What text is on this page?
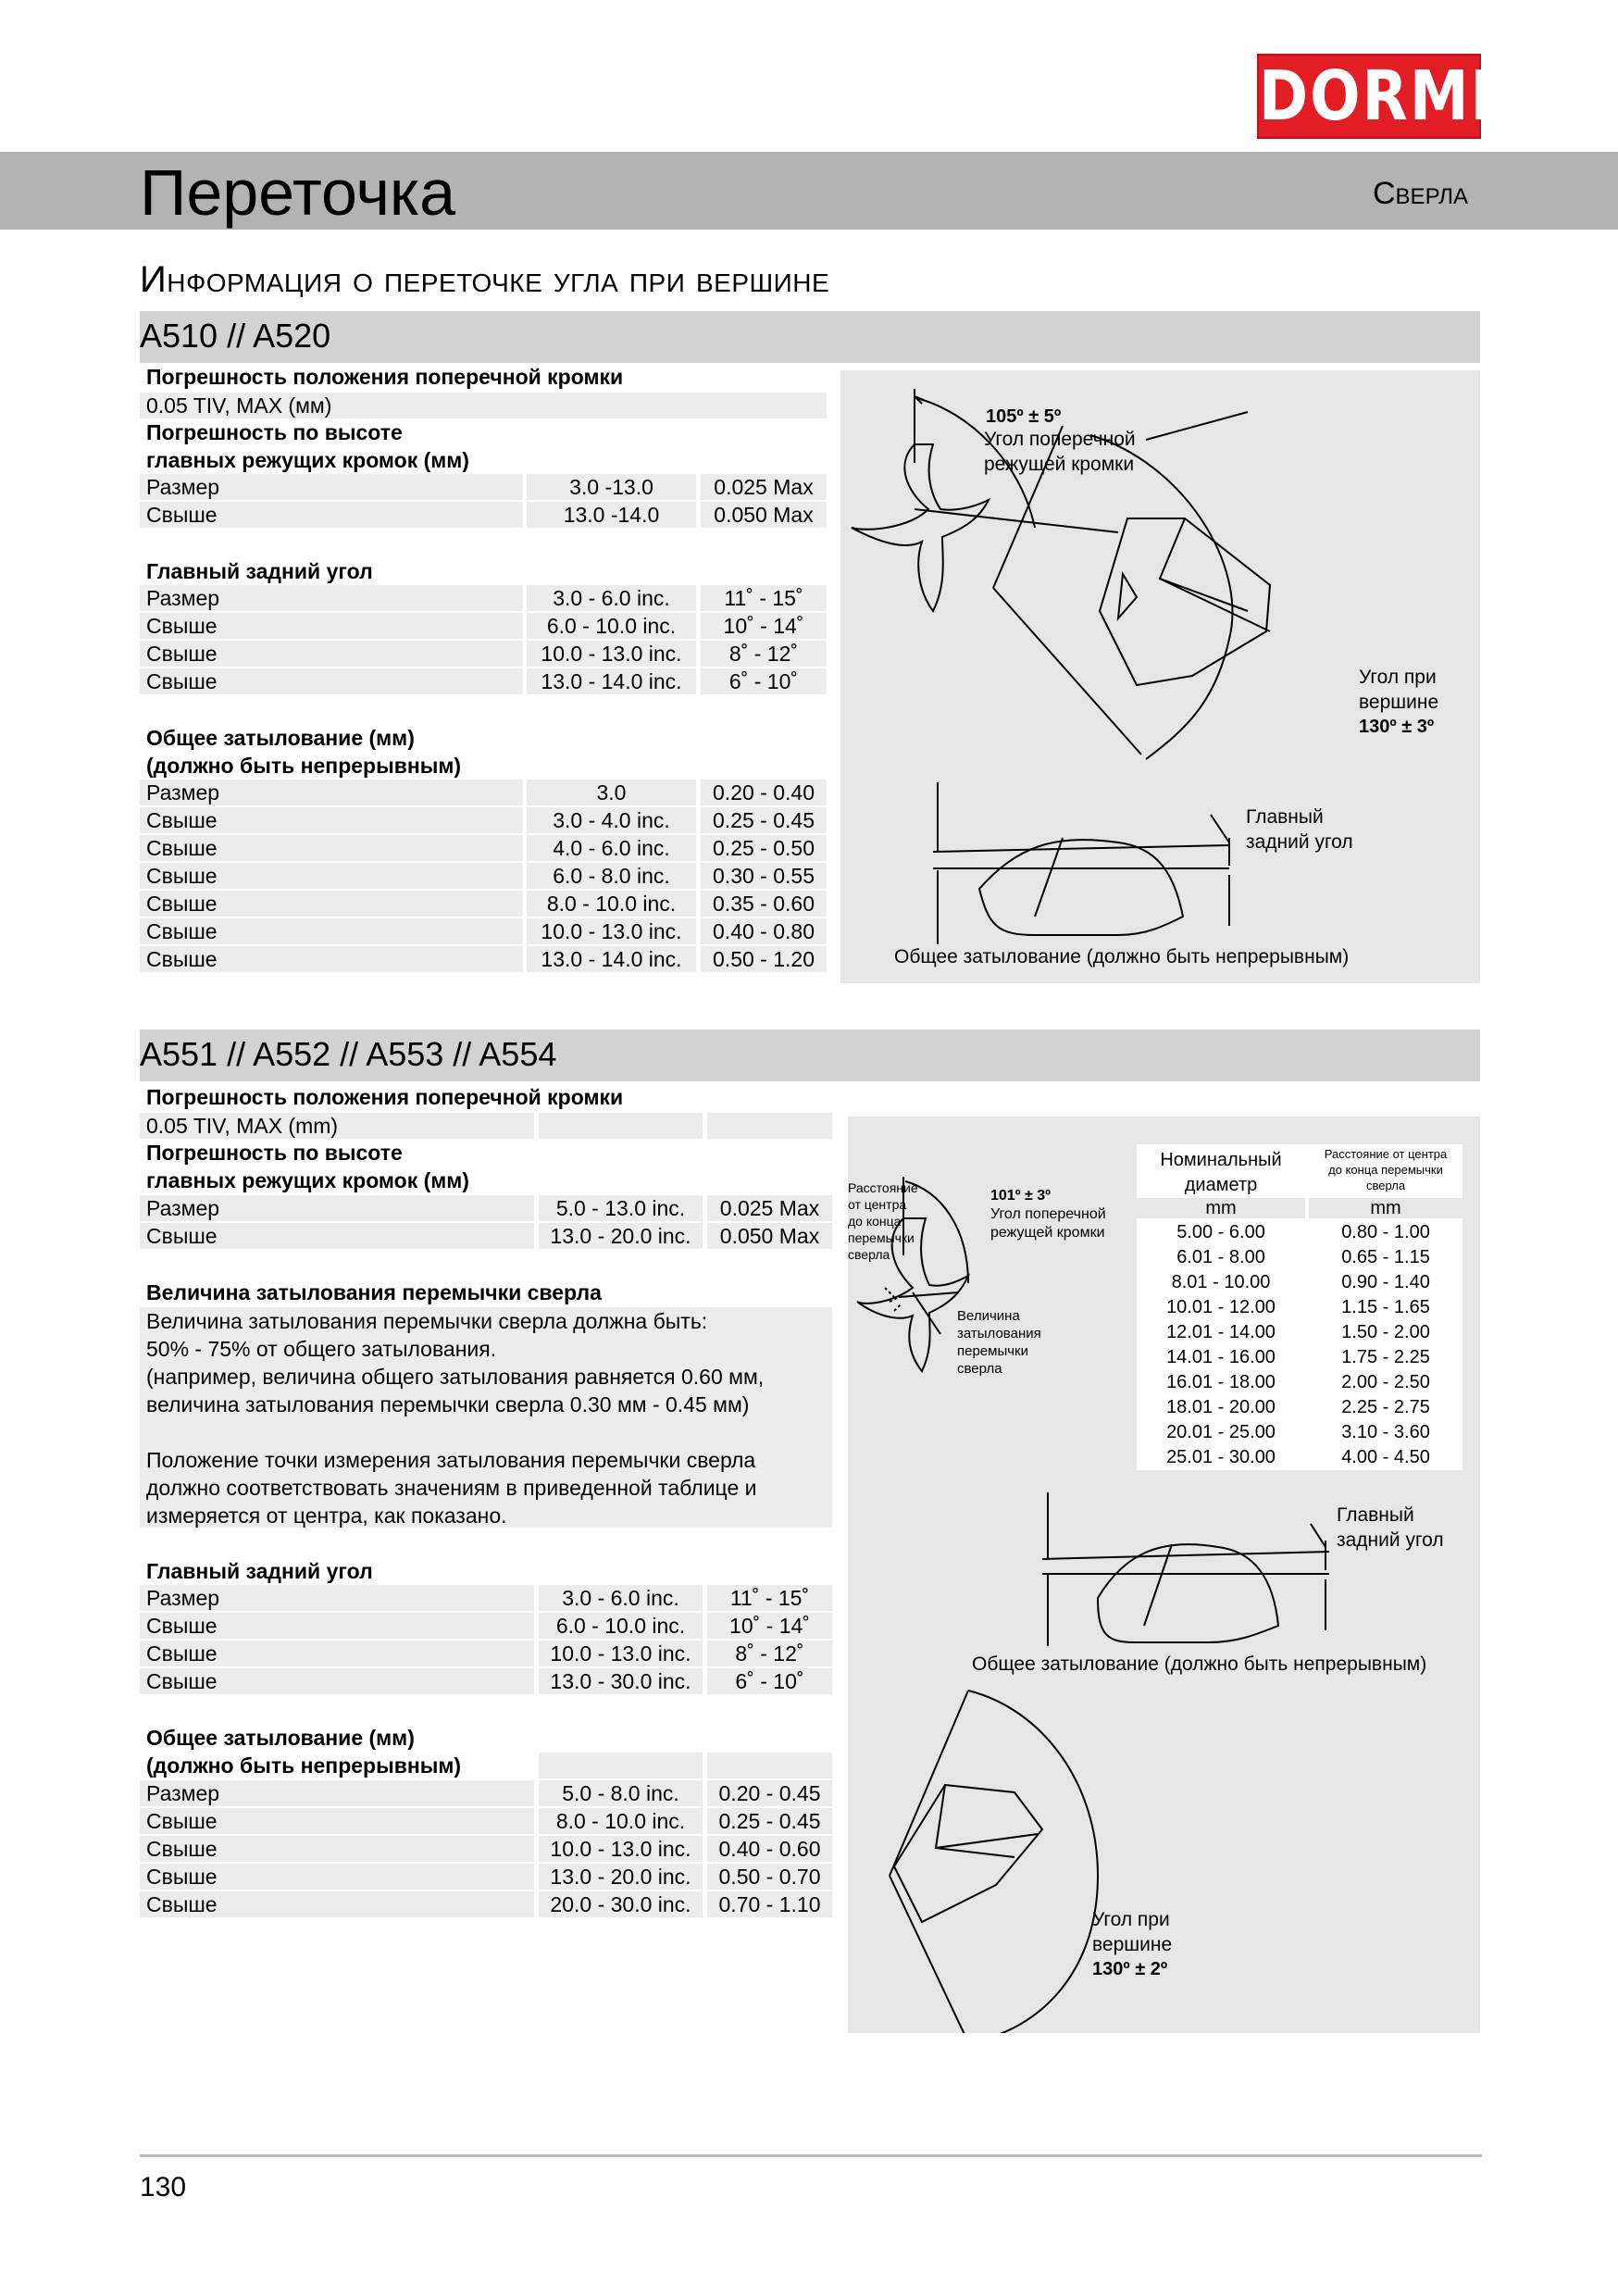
DORMER
Переточка	Сверла
Информация о переточке угла при вершине
A510 // A520
Погрешность положения поперечной кромки
0.05 TIV, MAX (мм)
Погрешность по высоте
главных режущих кромок (мм)
Размер	3.0 -13.0	0.025 Max
Свыше	13.0 -14.0	0.050 Max
Главный задний угол
Размер	3.0 - 6.0 inc.	11˚ - 15˚
Свыше	6.0 - 10.0 inc.	10˚ - 14˚
Свыше	10.0 - 13.0 inc.	8˚ - 12˚
Свыше	13.0 - 14.0 inc.	6˚ - 10˚
Общее затылование (мм)
(должно быть непрерывным)
Размер	3.0	0.20 - 0.40
Свыше	3.0 - 4.0 inc.	0.25 - 0.45
Свыше	4.0 - 6.0 inc.	0.25 - 0.50
Свыше	6.0 - 8.0 inc.	0.30 - 0.55
Свыше	8.0 - 10.0 inc.	0.35 - 0.60
Свыше	10.0 - 13.0 inc.	0.40 - 0.80
Свыше	13.0 - 14.0 inc.	0.50 - 1.20
105º ± 5º
Угол поперечной
режущей кромки
Угол при
вершине
130º ± 3º
Главный
задний угол
Общее затылование (должно быть непрерывным)
A551 // A552 // A553 // A554
Погрешность положения поперечной кромки
0.05 TIV, MAX (mm)
Погрешность по высоте
главных режущих кромок (мм)
Размер	5.0 - 13.0 inc.	0.025 Max
Свыше	13.0 - 20.0 inc.	0.050 Max
Величина затылования перемычки сверла
Величина затылования перемычки сверла должна быть:
50% - 75% от общего затылования.
(например, величина общего затылования равняется 0.60 мм,
величина затылования перемычки сверла 0.30 мм - 0.45 мм)
Положение точки измерения затылования перемычки сверла
должно соответствовать значениям в приведенной таблице и
измеряется от центра, как показано.
Главный задний угол
Размер	3.0 - 6.0 inc.	11˚ - 15˚
Свыше	6.0 - 10.0 inc.	10˚ - 14˚
Свыше	10.0 - 13.0 inc.	8˚ - 12˚
Свыше	13.0 - 30.0 inc.	6˚ - 10˚
Общее затылование (мм)
(должно быть непрерывным)
Размер	5.0 - 8.0 inc.	0.20 - 0.45
Свыше	8.0 - 10.0 inc.	0.25 - 0.45
Свыше	10.0 - 13.0 inc.	0.40 - 0.60
Свыше	13.0 - 20.0 inc.	0.50 - 0.70
Свыше	20.0 - 30.0 inc.	0.70 - 1.10
Расстояние
от центра
до конца
перемычки
сверла
101º ± 3º
Угол поперечной
режущей кромки
Величина
затылования
перемычки
сверла
Главный
задний угол
Общее затылование (должно быть непрерывным)
Угол при
вершине
130º ± 2º
Номинальный
диаметр
Расстояние от центра
до конца перемычки
сверла
mm	mm
5.00 - 6.00	0.80 - 1.00
6.01 - 8.00	0.65 - 1.15
8.01 - 10.00	0.90 - 1.40
10.01 - 12.00	1.15 - 1.65
12.01 - 14.00	1.50 - 2.00
14.01 - 16.00	1.75 - 2.25
16.01 - 18.00	2.00 - 2.50
18.01 - 20.00	2.25 - 2.75
20.01 - 25.00	3.10 - 3.60
25.01 - 30.00	4.00 - 4.50
130
